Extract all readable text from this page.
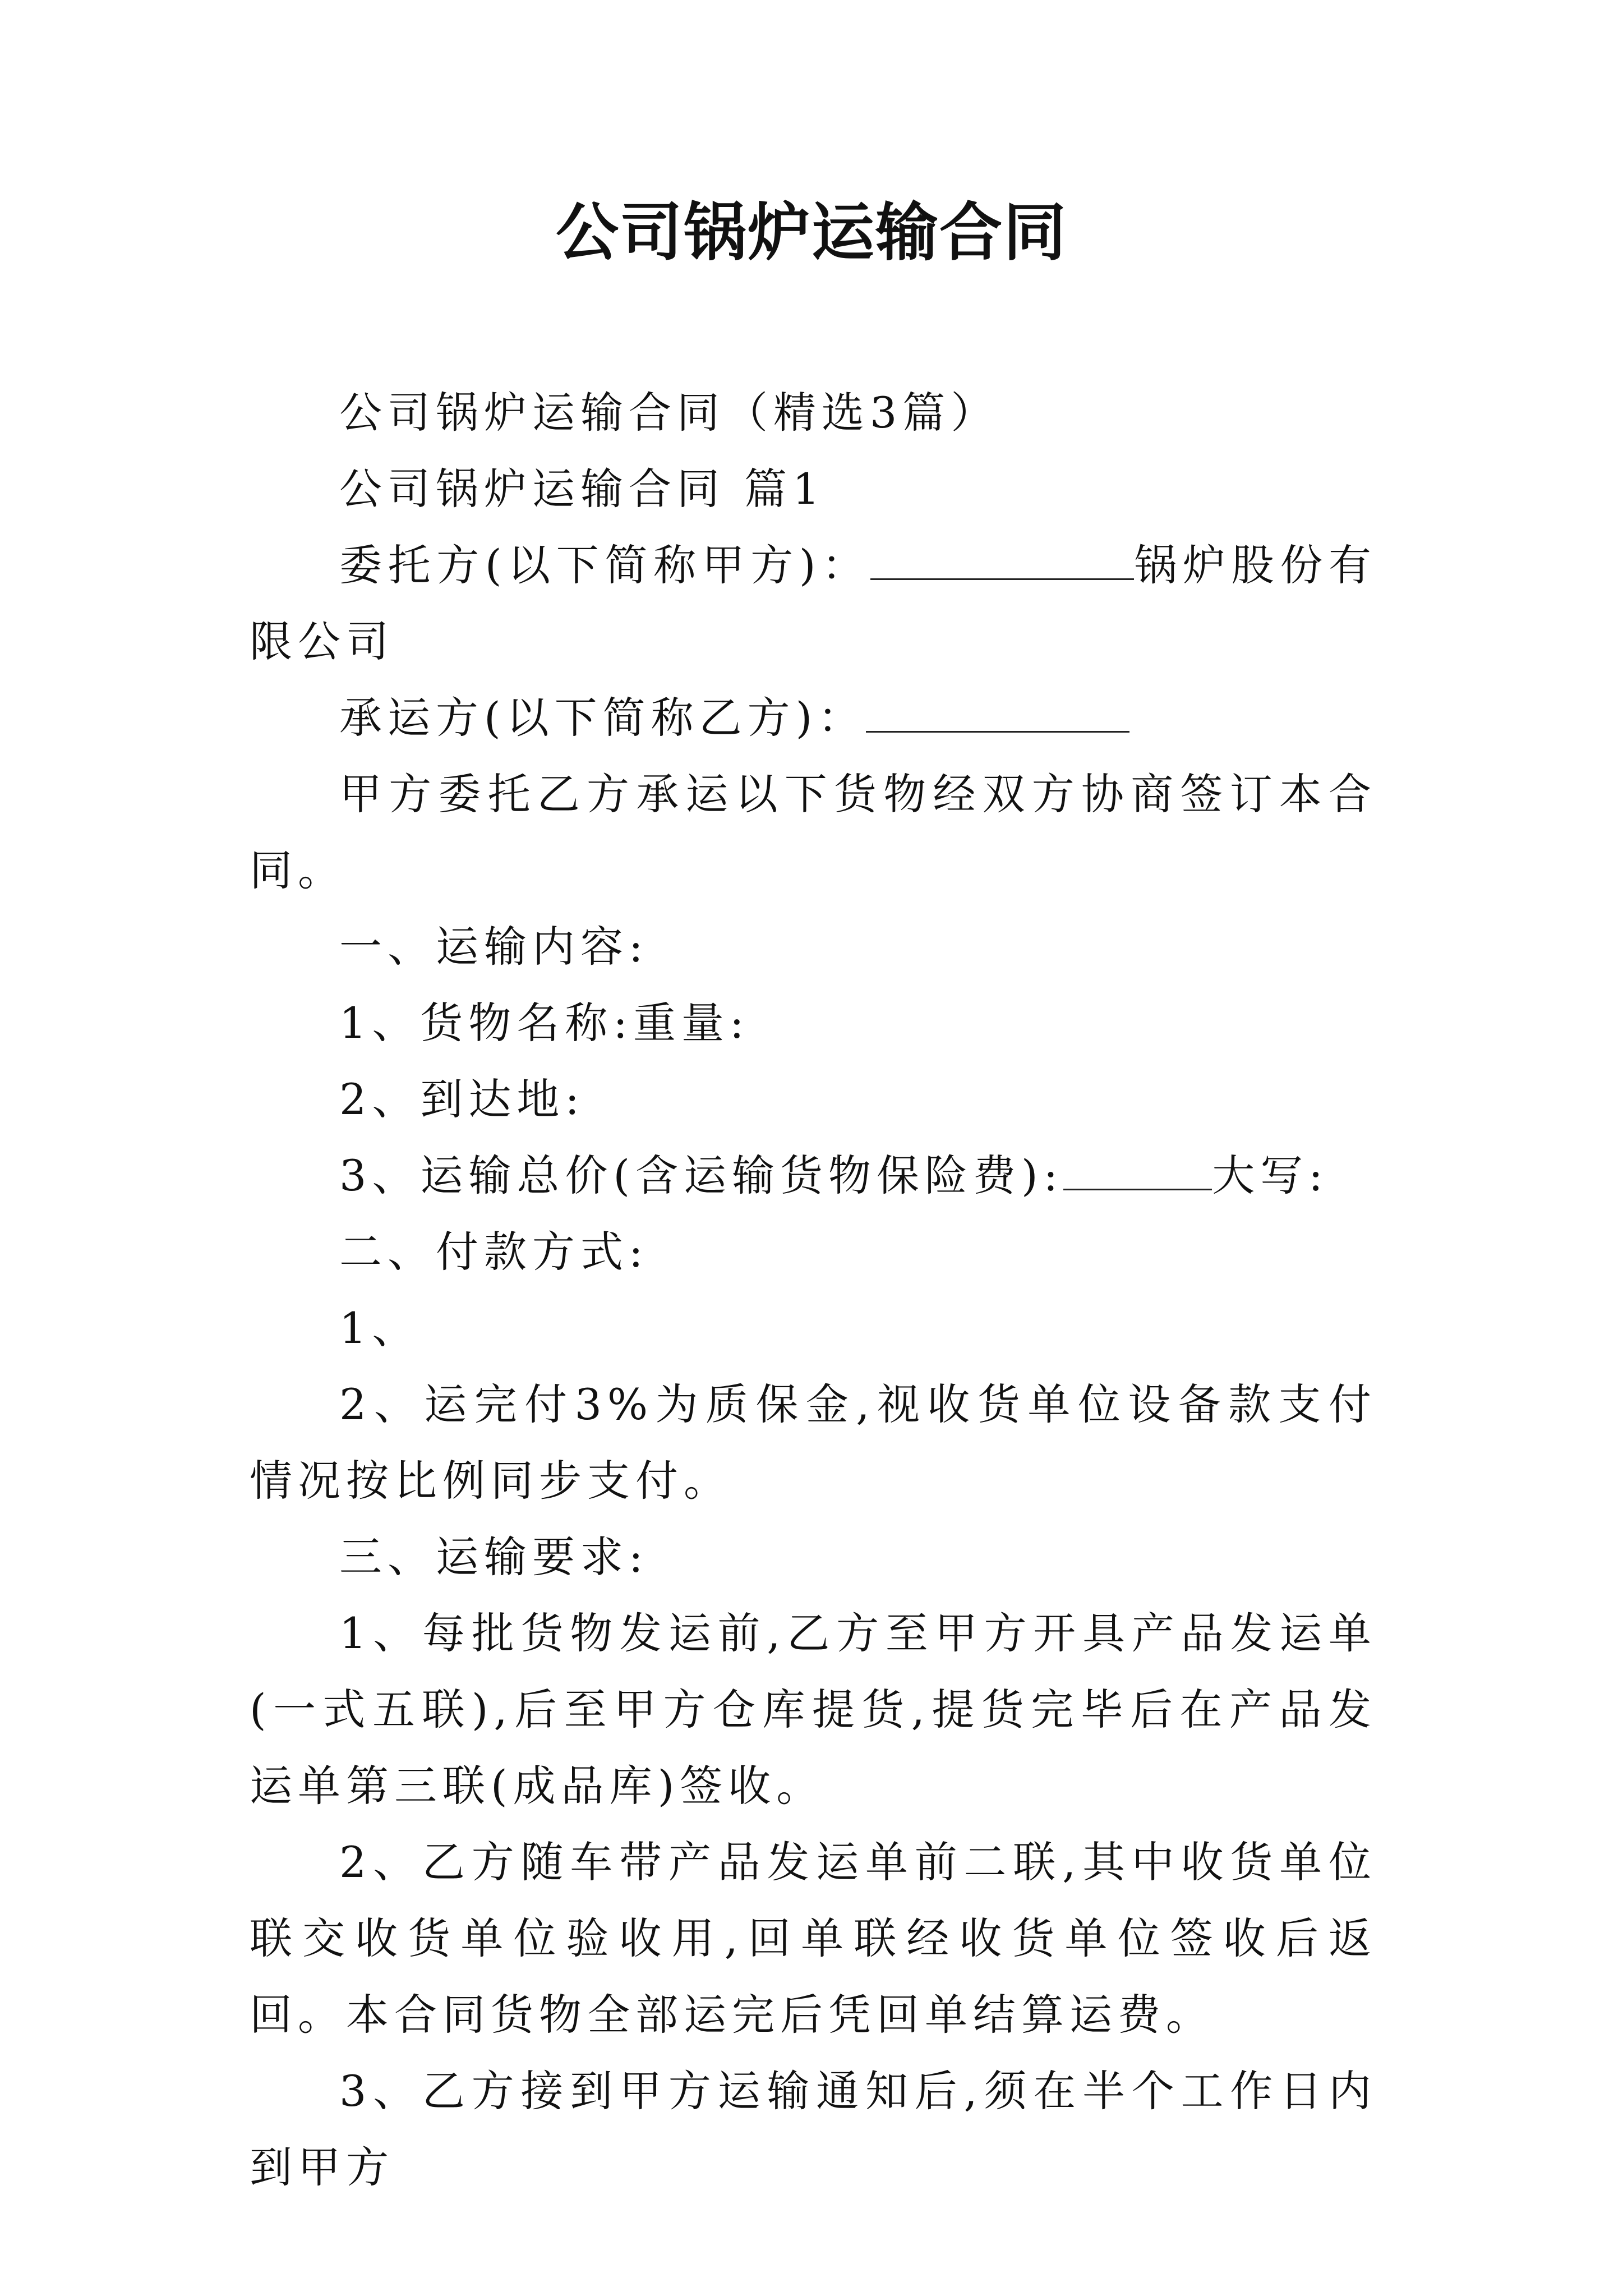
公司锅炉运输合同

公司锅炉运输合同（精选3篇）

公司锅炉运输合同 篇1

委托方(以下简称甲方)：	锅炉股份有限公司

承运方(以下简称乙方)：

甲方委托乙方承运以下货物经双方协商签订本合同。

一、运输内容:

1、货物名称:重量:

2、到达地:

3、运输总价(含运输货物保险费):	大写:

二、付款方式:

1、

2、运完付3%为质保金,视收货单位设备款支付情况按比例同步支付。

三、运输要求:

1、每批货物发运前,乙方至甲方开具产品发运单(一式五联),后至甲方仓库提货,提货完毕后在产品发运单第三联(成品库)签收。

2、乙方随车带产品发运单前二联,其中收货单位联交收货单位验收用,回单联经收货单位签收后返回。本合同货物全部运完后凭回单结算运费。

3、乙方接到甲方运输通知后,须在半个工作日内到甲方
